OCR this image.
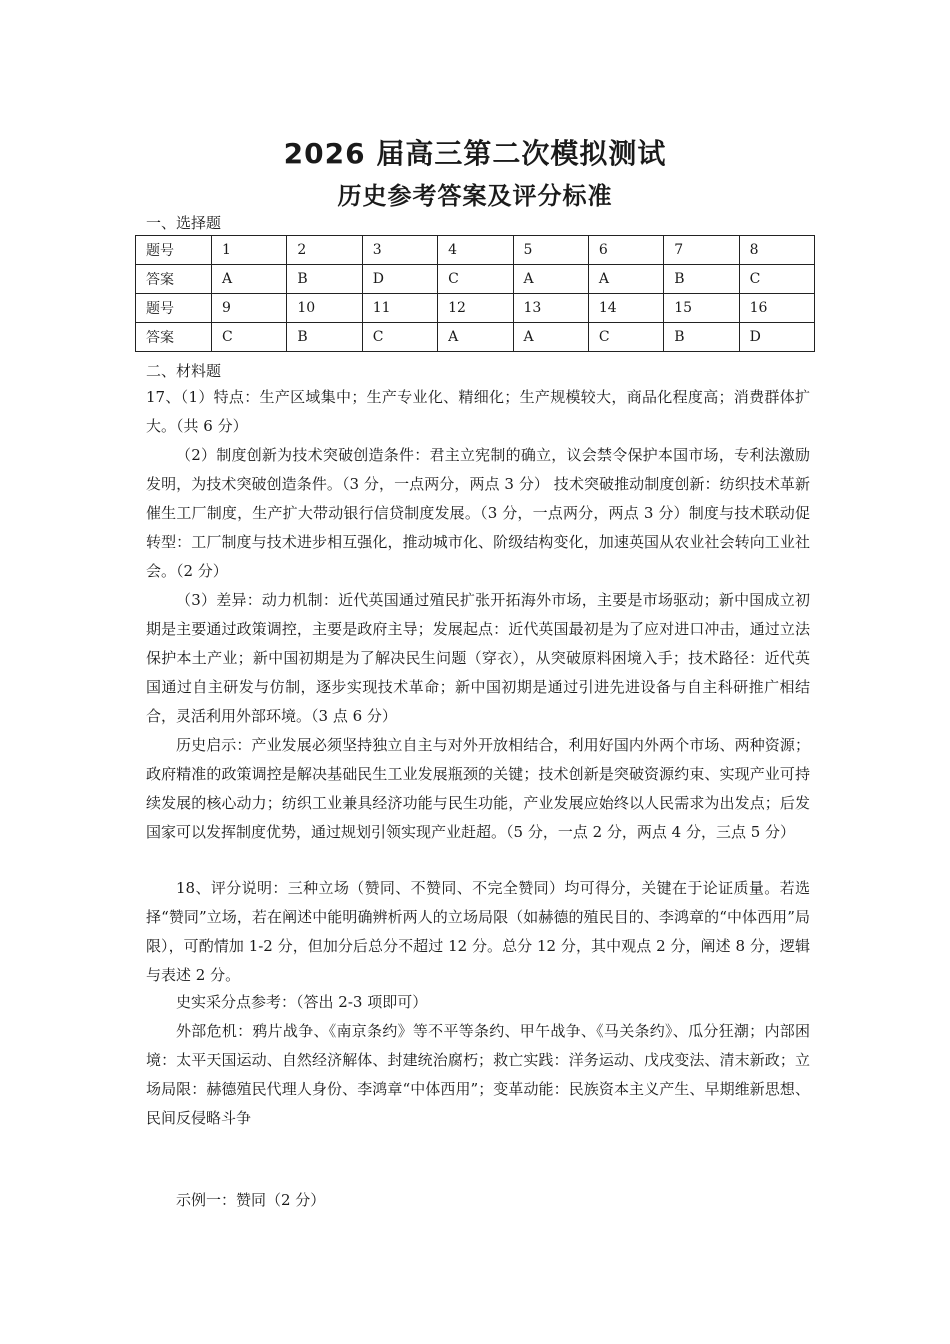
2026 届高三第二次模拟测试
历史参考答案及评分标准
一、选择题
题号	1	2	3	4	5	6	7	8
答案	A	B	D	C	A	A	B	C
题号	9	10	11	12	13	14	15	16
答案	C	B	C	A	A	C	B	D
二、材料题
17、（1）特点：生产区域集中；生产专业化、精细化；生产规模较大，商品化程度高；消费群体扩大。（共 6 分）
（2）制度创新为技术突破创造条件：君主立宪制的确立，议会禁令保护本国市场，专利法激励发明，为技术突破创造条件。（3 分，一点两分，两点 3 分） 技术突破推动制度创新：纺织技术革新催生工厂制度，生产扩大带动银行信贷制度发展。（3 分，一点两分，两点 3 分）制度与技术联动促转型：工厂制度与技术进步相互强化，推动城市化、阶级结构变化，加速英国从农业社会转向工业社会。（2 分）
（3）差异：动力机制：近代英国通过殖民扩张开拓海外市场，主要是市场驱动；新中国成立初期是主要通过政策调控，主要是政府主导；发展起点：近代英国最初是为了应对进口冲击，通过立法保护本土产业；新中国初期是为了解决民生问题（穿衣），从突破原料困境入手；技术路径：近代英国通过自主研发与仿制，逐步实现技术革命；新中国初期是通过引进先进设备与自主科研推广相结合，灵活利用外部环境。（3 点 6 分）
历史启示：产业发展必须坚持独立自主与对外开放相结合，利用好国内外两个市场、两种资源；政府精准的政策调控是解决基础民生工业发展瓶颈的关键；技术创新是突破资源约束、实现产业可持续发展的核心动力；纺织工业兼具经济功能与民生功能，产业发展应始终以人民需求为出发点；后发国家可以发挥制度优势，通过规划引领实现产业赶超。（5 分，一点 2 分，两点 4 分，三点 5 分）
18、评分说明：三种立场（赞同、不赞同、不完全赞同）均可得分，关键在于论证质量。若选择“赞同”立场，若在阐述中能明确辨析两人的立场局限（如赫德的殖民目的、李鸿章的“中体西用”局限），可酌情加 1-2 分，但加分后总分不超过 12 分。总分 12 分，其中观点 2 分，阐述 8 分，逻辑与表述 2 分。
史实采分点参考：（答出 2-3 项即可）
外部危机：鸦片战争、《南京条约》等不平等条约、甲午战争、《马关条约》、瓜分狂潮；内部困境：太平天国运动、自然经济解体、封建统治腐朽；救亡实践：洋务运动、戊戌变法、清末新政；立场局限：赫德殖民代理人身份、李鸿章“中体西用”；变革动能：民族资本主义产生、早期维新思想、民间反侵略斗争
示例一：赞同（2 分）
